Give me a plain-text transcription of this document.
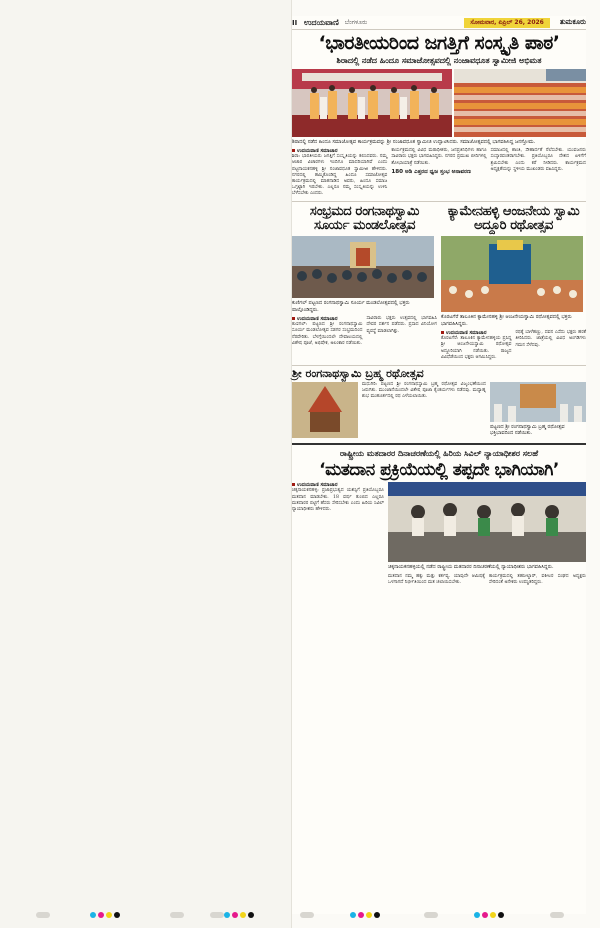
II ಉದಯವಾಣಿ ಬೆಂಗಳೂರು	ಸೋಮವಾರ, ಏಪ್ರಿಲ್ 26, 2026	ತುಮಕೂರು
‘ಭಾರತೀಯರಿಂದ ಜಗತ್ತಿಗೆ ಸಂಸ್ಕೃತಿ ಪಾಠ’
ಶಿರಾದಲ್ಲಿ ನಡೆದ ಹಿಂದೂ ಸಮಾಜೋತ್ಸವದಲ್ಲಿ ನಂಜಾವಧೂತ ಸ್ವಾಮೀಜಿ ಅಭಿಮತ
ಶಿರಾದಲ್ಲಿ ನಡೆದ ಹಿಂದೂ ಸಮಾಜೋತ್ಸವ ಕಾರ್ಯಕ್ರಮವನ್ನು ಶ್ರೀ ನಂಜಾವಧೂತ ಸ್ವಾಮೀಜಿ ಉದ್ಘಾಟಿಸಿದರು. ಸಮಾಜೋತ್ಸವದಲ್ಲಿ ಭಾಗವಹಿಸಿದ್ದ ಜನಸ್ತೋಮ.
ಉದಯವಾಣಿ ಸಮಾಚಾರ

ಶಿರಾ: ಭಾರತೀಯರು ಜಗತ್ತಿಗೆ ಸಂಸ್ಕೃತಿಯನ್ನು ಕಲಿಸಿದವರು. ನಮ್ಮ ಆಚಾರ ವಿಚಾರಗಳು ಇಂದಿಗೂ ಮಾದರಿಯಾಗಿವೆ ಎಂದು ಪಟ್ಟನಾಯಕನಹಳ್ಳಿ ಶ್ರೀ ನಂಜಾವಧೂತ ಸ್ವಾಮೀಜಿ ಹೇಳಿದರು. ನಗರದಲ್ಲಿ ಹಮ್ಮಿಕೊಂಡಿದ್ದ ಹಿಂದೂ ಸಮಾಜೋತ್ಸವ ಕಾರ್ಯಕ್ರಮದಲ್ಲಿ ಮಾತನಾಡಿದ ಅವರು, ಹಿಂದೂ ಸಮಾಜ ಒಗ್ಗಟ್ಟಾಗಿ ಇರಬೇಕು. ಎಲ್ಲರೂ ನಮ್ಮ ಸಂಸ್ಕೃತಿಯನ್ನು ಉಳಿಸಿ ಬೆಳೆಸಬೇಕು ಎಂದರು.

ಕಾರ್ಯಕ್ರಮದಲ್ಲಿ ವಿವಿಧ ಮಠಾಧೀಶರು, ಜನಪ್ರತಿನಿಧಿಗಳು ಹಾಗೂ ಸಾವಿರಾರು ಭಕ್ತರು ಭಾಗವಹಿಸಿದ್ದರು. ನಗರದ ಪ್ರಮುಖ ಬೀದಿಗಳಲ್ಲಿ ಶೋಭಾಯಾತ್ರೆ ನಡೆಯಿತು.

180 ಅಡಿ ಎತ್ತರದ ಧ್ವಜ ಸ್ತಂಭ ಅನಾವರಣ

ಸಮಾಜದಲ್ಲಿ ಶಾಂತಿ, ಸೌಹಾರ್ದತೆ ನೆಲೆಸಬೇಕು. ಯುವಜನರು ಸಂಸ್ಕಾರವಂತರಾಗಬೇಕು. ಪ್ರತಿಯೊಬ್ಬರೂ ದೇಶದ ಏಳಿಗೆಗೆ ಶ್ರಮಿಸಬೇಕು ಎಂದು ಕರೆ ನೀಡಿದರು. ಕಾರ್ಯಕ್ರಮದ ಅಧ್ಯಕ್ಷತೆಯನ್ನು ಸ್ಥಳೀಯ ಮುಖಂಡರು ವಹಿಸಿದ್ದರು.

ಸಂಭ್ರಮದ ರಂಗನಾಥಸ್ವಾಮಿ ಸೂರ್ಯ ಮಂಡಲೋತ್ಸವ
ಕುಣಿಗಲ್ ಪಟ್ಟಣದ ರಂಗನಾಥಸ್ವಾಮಿ ಸೂರ್ಯ ಮಂಡಲೋತ್ಸವದಲ್ಲಿ ಭಕ್ತರು ಪಾಲ್ಗೊಂಡಿದ್ದರು.
ಉದಯವಾಣಿ ಸಮಾಚಾರ

ಕುಣಿಗಲ್: ಪಟ್ಟಣದ ಶ್ರೀ ರಂಗನಾಥಸ್ವಾಮಿ ಸೂರ್ಯ ಮಂಡಲೋತ್ಸವ ಸಡಗರ ಸಂಭ್ರಮದಿಂದ ನೆರವೇರಿತು. ಬೆಳಗ್ಗೆಯಿಂದಲೇ ದೇವಾಲಯದಲ್ಲಿ ವಿಶೇಷ ಪೂಜೆ, ಅಭಿಷೇಕ, ಅಲಂಕಾರ ನಡೆಯಿತು.

ಸಾವಿರಾರು ಭಕ್ತರು ಉತ್ಸವದಲ್ಲಿ ಭಾಗವಹಿಸಿ ದೇವರ ದರ್ಶನ ಪಡೆದರು. ಪ್ರಸಾದ ವಿನಿಯೋಗ ವ್ಯವಸ್ಥೆ ಮಾಡಲಾಗಿತ್ತು.

ಕ್ಯಾಮೇನಹಳ್ಳಿ ಆಂಜನೇಯ ಸ್ವಾಮಿ ಅದ್ದೂರಿ ರಥೋತ್ಸವ
ಕೊರಟಗೆರೆ ತಾಲೂಕಿನ ಕ್ಯಾಮೇನಹಳ್ಳಿ ಶ್ರೀ ಆಂಜನೇಯಸ್ವಾಮಿ ರಥೋತ್ಸವದಲ್ಲಿ ಭಕ್ತರು ಭಾಗವಹಿಸಿದ್ದರು.
ಉದಯವಾಣಿ ಸಮಾಚಾರ

ಕೊರಟಗೆರೆ: ತಾಲೂಕಿನ ಕ್ಯಾಮೇನಹಳ್ಳಿಯ ಪ್ರಸಿದ್ಧ ಶ್ರೀ ಆಂಜನೇಯಸ್ವಾಮಿ ರಥೋತ್ಸವ ಅದ್ದೂರಿಯಾಗಿ ನಡೆಯಿತು. ರಾಜ್ಯದ ವಿವಿಧೆಡೆಯಿಂದ ಭಕ್ತರು ಆಗಮಿಸಿದ್ದರು.

ರಥಕ್ಕೆ ಬಾಳೆಹಣ್ಣು, ದವನ ಎಸೆದು ಭಕ್ತರು ಹರಕೆ ತೀರಿಸಿದರು. ಜಾತ್ರೆಯಲ್ಲಿ ವಿವಿಧ ಅಂಗಡಿಗಳು ಗಮನ ಸೆಳೆದವು.

ಶ್ರೀ ರಂಗನಾಥಸ್ವಾಮಿ ಬ್ರಹ್ಮ ರಥೋತ್ಸವ

ಮಧುಗಿರಿ: ಪಟ್ಟಣದ ಶ್ರೀ ರಂಗನಾಥಸ್ವಾಮಿ ಬ್ರಹ್ಮ ರಥೋತ್ಸವ ವಿಜೃಂಭಣೆಯಿಂದ ಜರುಗಿತು. ಮುಂಜಾನೆಯಿಂದಲೇ ವಿಶೇಷ ಪೂಜಾ ಕೈಂಕರ್ಯಗಳು ನಡೆದವು. ಮಧ್ಯಾಹ್ನ ಶುಭ ಮುಹೂರ್ತದಲ್ಲಿ ರಥ ಎಳೆಯಲಾಯಿತು.

ಪಟ್ಟಣದ ಶ್ರೀ ರಂಗನಾಥಸ್ವಾಮಿ ಬ್ರಹ್ಮ ರಥೋತ್ಸವ ಭಕ್ತಿಭಾವದಿಂದ ನಡೆಯಿತು.
ರಾಷ್ಟ್ರೀಯ ಮತದಾರರ ದಿನಾಚರಣೆಯಲ್ಲಿ ಹಿರಿಯ ಸಿವಿಲ್ ನ್ಯಾಯಾಧೀಶರ ಸಲಹೆ
‘ಮತದಾನ ಪ್ರಕ್ರಿಯೆಯಲ್ಲಿ ತಪ್ಪದೇ ಭಾಗಿಯಾಗಿ’
ಉದಯವಾಣಿ ಸಮಾಚಾರ

ಚಿಕ್ಕನಾಯಕನಹಳ್ಳಿ: ಪ್ರಜಾಪ್ರಭುತ್ವದ ಯಶಸ್ಸಿಗೆ ಪ್ರತಿಯೊಬ್ಬರೂ ಮತದಾನ ಮಾಡಬೇಕು. 18 ವರ್ಷ ತುಂಬಿದ ಎಲ್ಲರೂ ಮತದಾರರ ಪಟ್ಟಿಗೆ ಹೆಸರು ಸೇರಿಸಬೇಕು ಎಂದು ಹಿರಿಯ ಸಿವಿಲ್ ನ್ಯಾಯಾಧೀಶರು ಹೇಳಿದರು.

ಚಿಕ್ಕನಾಯಕನಹಳ್ಳಿಯಲ್ಲಿ ನಡೆದ ರಾಷ್ಟ್ರೀಯ ಮತದಾರರ ದಿನಾಚರಣೆಯಲ್ಲಿ ನ್ಯಾಯಾಧೀಶರು ಭಾಗವಹಿಸಿದ್ದರು.

ಮತದಾನ ನಮ್ಮ ಹಕ್ಕು ಮತ್ತು ಕರ್ತವ್ಯ. ಯಾವುದೇ ಆಮಿಷಕ್ಕೆ ಒಳಗಾಗದೆ ನಿರ್ಭೀತಿಯಿಂದ ಮತ ಚಲಾಯಿಸಬೇಕು.

ಕಾರ್ಯಕ್ರಮದಲ್ಲಿ ತಹಸೀಲ್ದಾರ್, ವಕೀಲರ ಸಂಘದ ಅಧ್ಯಕ್ಷರು ಸೇರಿದಂತೆ ಅನೇಕರು ಉಪಸ್ಥಿತರಿದ್ದರು.
